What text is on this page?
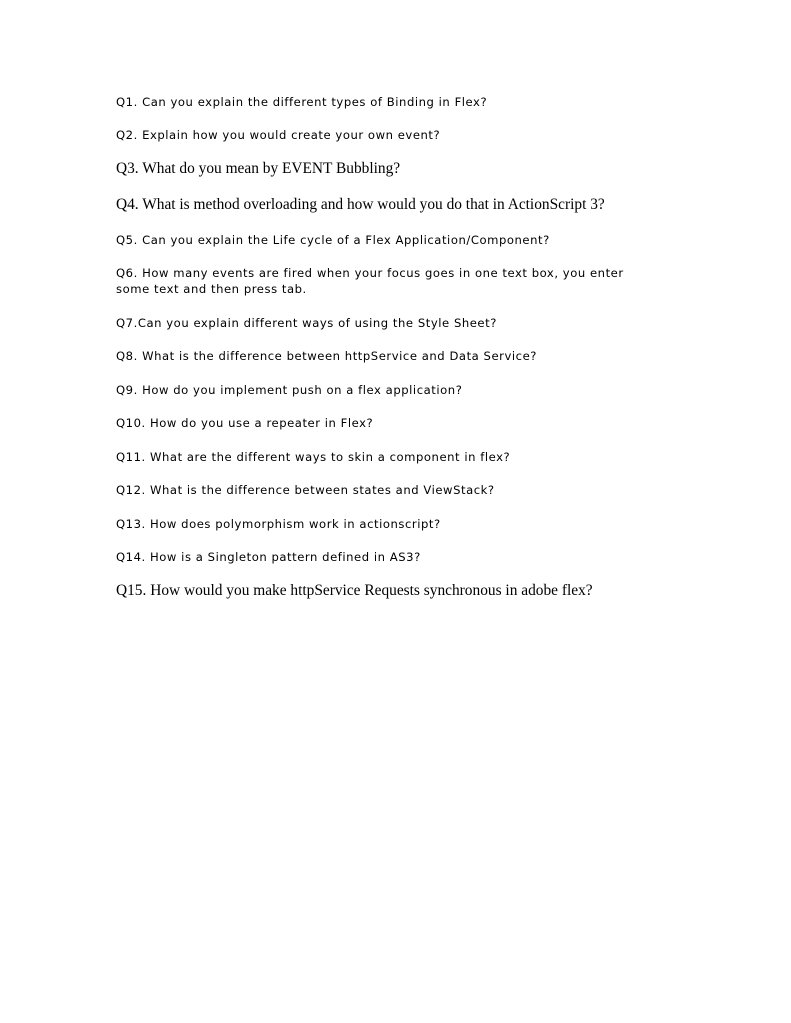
Q1. Can you explain the different types of Binding in Flex?

Q2. Explain how you would create your own event?

Q3. What do you mean by EVENT Bubbling?

Q4. What is method overloading and how would you do that in ActionScript 3?

Q5. Can you explain the Life cycle of a Flex Application/Component?

Q6. How many events are fired when your focus goes in one text box, you enter
some text and then press tab.

Q7.Can you explain different ways of using the Style Sheet?

Q8. What is the difference between httpService and Data Service?

Q9. How do you implement push on a flex application?

Q10. How do you use a repeater in Flex?

Q11. What are the different ways to skin a component in flex?

Q12. What is the difference between states and ViewStack?

Q13. How does polymorphism work in actionscript?

Q14. How is a Singleton pattern defined in AS3?

Q15. How would you make httpService Requests synchronous in adobe flex?
